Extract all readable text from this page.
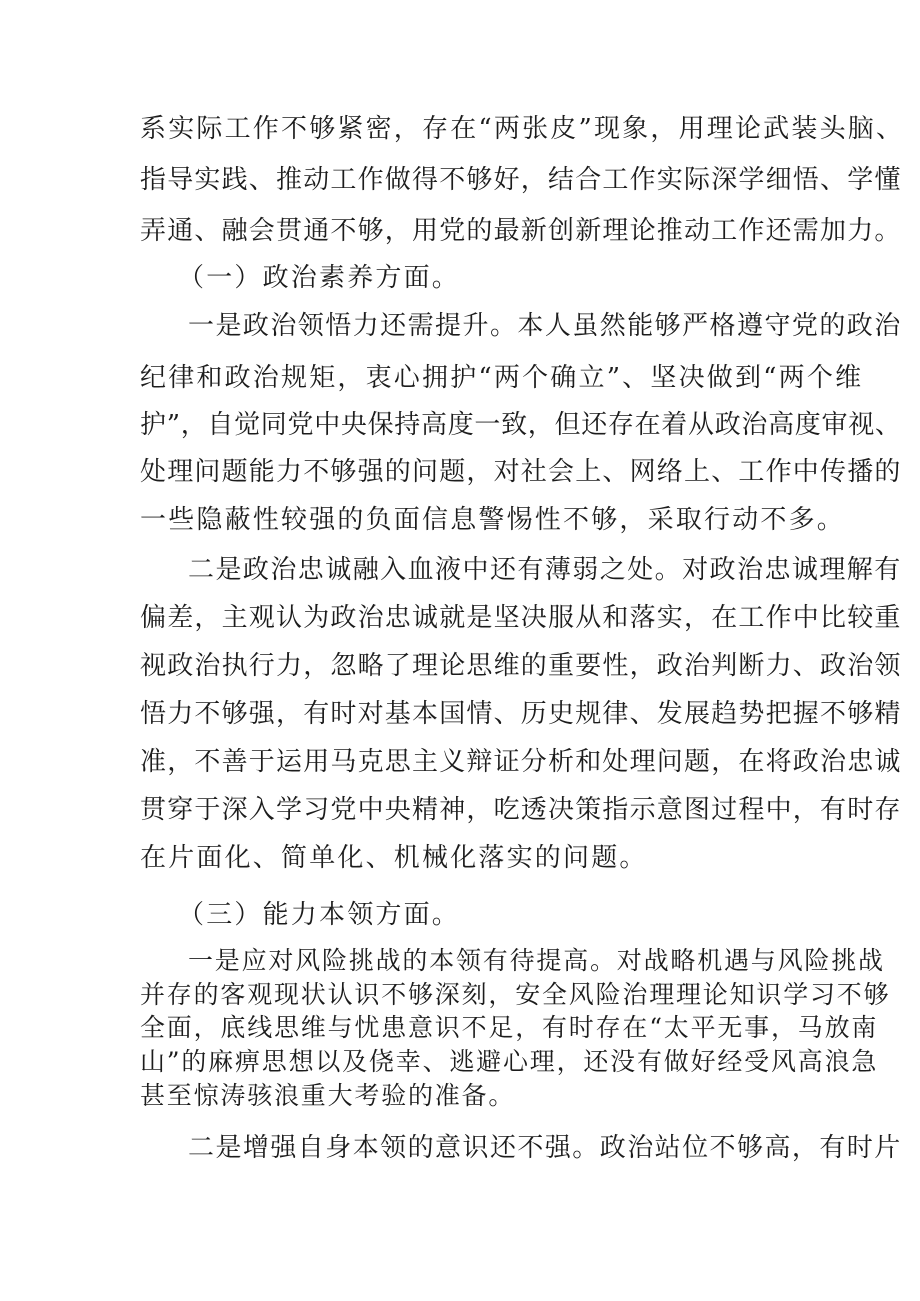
系实际工作不够紧密，存在“两张皮”现象，用理论武装头脑、
指导实践、推动工作做得不够好，结合工作实际深学细悟、学懂
弄通、融会贯通不够，用党的最新创新理论推动工作还需加力。
（一）政治素养方面。
一是政治领悟力还需提升。本人虽然能够严格遵守党的政治
纪律和政治规矩，衷心拥护“两个确立”、坚决做到“两个维
护”，自觉同党中央保持高度一致，但还存在着从政治高度审视、
处理问题能力不够强的问题，对社会上、网络上、工作中传播的
一些隐蔽性较强的负面信息警惕性不够，采取行动不多。
二是政治忠诚融入血液中还有薄弱之处。对政治忠诚理解有
偏差，主观认为政治忠诚就是坚决服从和落实，在工作中比较重
视政治执行力，忽略了理论思维的重要性，政治判断力、政治领
悟力不够强，有时对基本国情、历史规律、发展趋势把握不够精
准，不善于运用马克思主义辩证分析和处理问题，在将政治忠诚
贯穿于深入学习党中央精神，吃透决策指示意图过程中，有时存
在片面化、简单化、机械化落实的问题。
（三）能力本领方面。
一是应对风险挑战的本领有待提高。对战略机遇与风险挑战
并存的客观现状认识不够深刻，安全风险治理理论知识学习不够
全面，底线思维与忧患意识不足，有时存在“太平无事，马放南
山”的麻痹思想以及侥幸、逃避心理，还没有做好经受风高浪急
甚至惊涛骇浪重大考验的准备。
二是增强自身本领的意识还不强。政治站位不够高，有时片
